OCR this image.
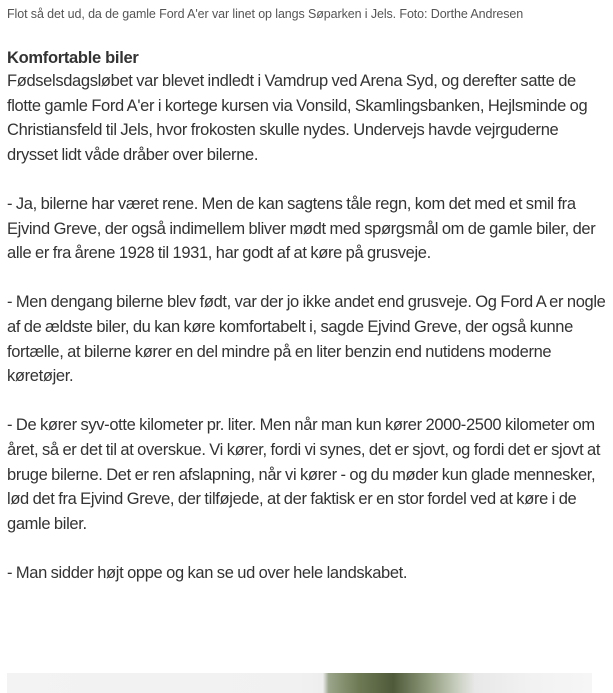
Flot så det ud, da de gamle Ford A'er var linet op langs Søparken i Jels. Foto: Dorthe Andresen

Komfortable biler

Fødselsdagsløbet var blevet indledt i Vamdrup ved Arena Syd, og derefter satte de flotte gamle Ford A'er i kortege kursen via Vonsild, Skamlingsbanken, Hejlsminde og Christiansfeld til Jels, hvor frokosten skulle nydes. Undervejs havde vejrguderne drysset lidt våde dråber over bilerne.

- Ja, bilerne har været rene. Men de kan sagtens tåle regn, kom det med et smil fra Ejvind Greve, der også indimellem bliver mødt med spørgsmål om de gamle biler, der alle er fra årene 1928 til 1931, har godt af at køre på grusveje.

- Men dengang bilerne blev født, var der jo ikke andet end grusveje. Og Ford A er nogle af de ældste biler, du kan køre komfortabelt i, sagde Ejvind Greve, der også kunne fortælle, at bilerne kører en del mindre på en liter benzin end nutidens moderne køretøjer.

- De kører syv-otte kilometer pr. liter. Men når man kun kører 2000-2500 kilometer om året, så er det til at overskue. Vi kører, fordi vi synes, det er sjovt, og fordi det er sjovt at bruge bilerne. Det er ren afslapning, når vi kører - og du møder kun glade mennesker, lød det fra Ejvind Greve, der tilføjede, at der faktisk er en stor fordel ved at køre i de gamle biler.

- Man sidder højt oppe og kan se ud over hele landskabet.
